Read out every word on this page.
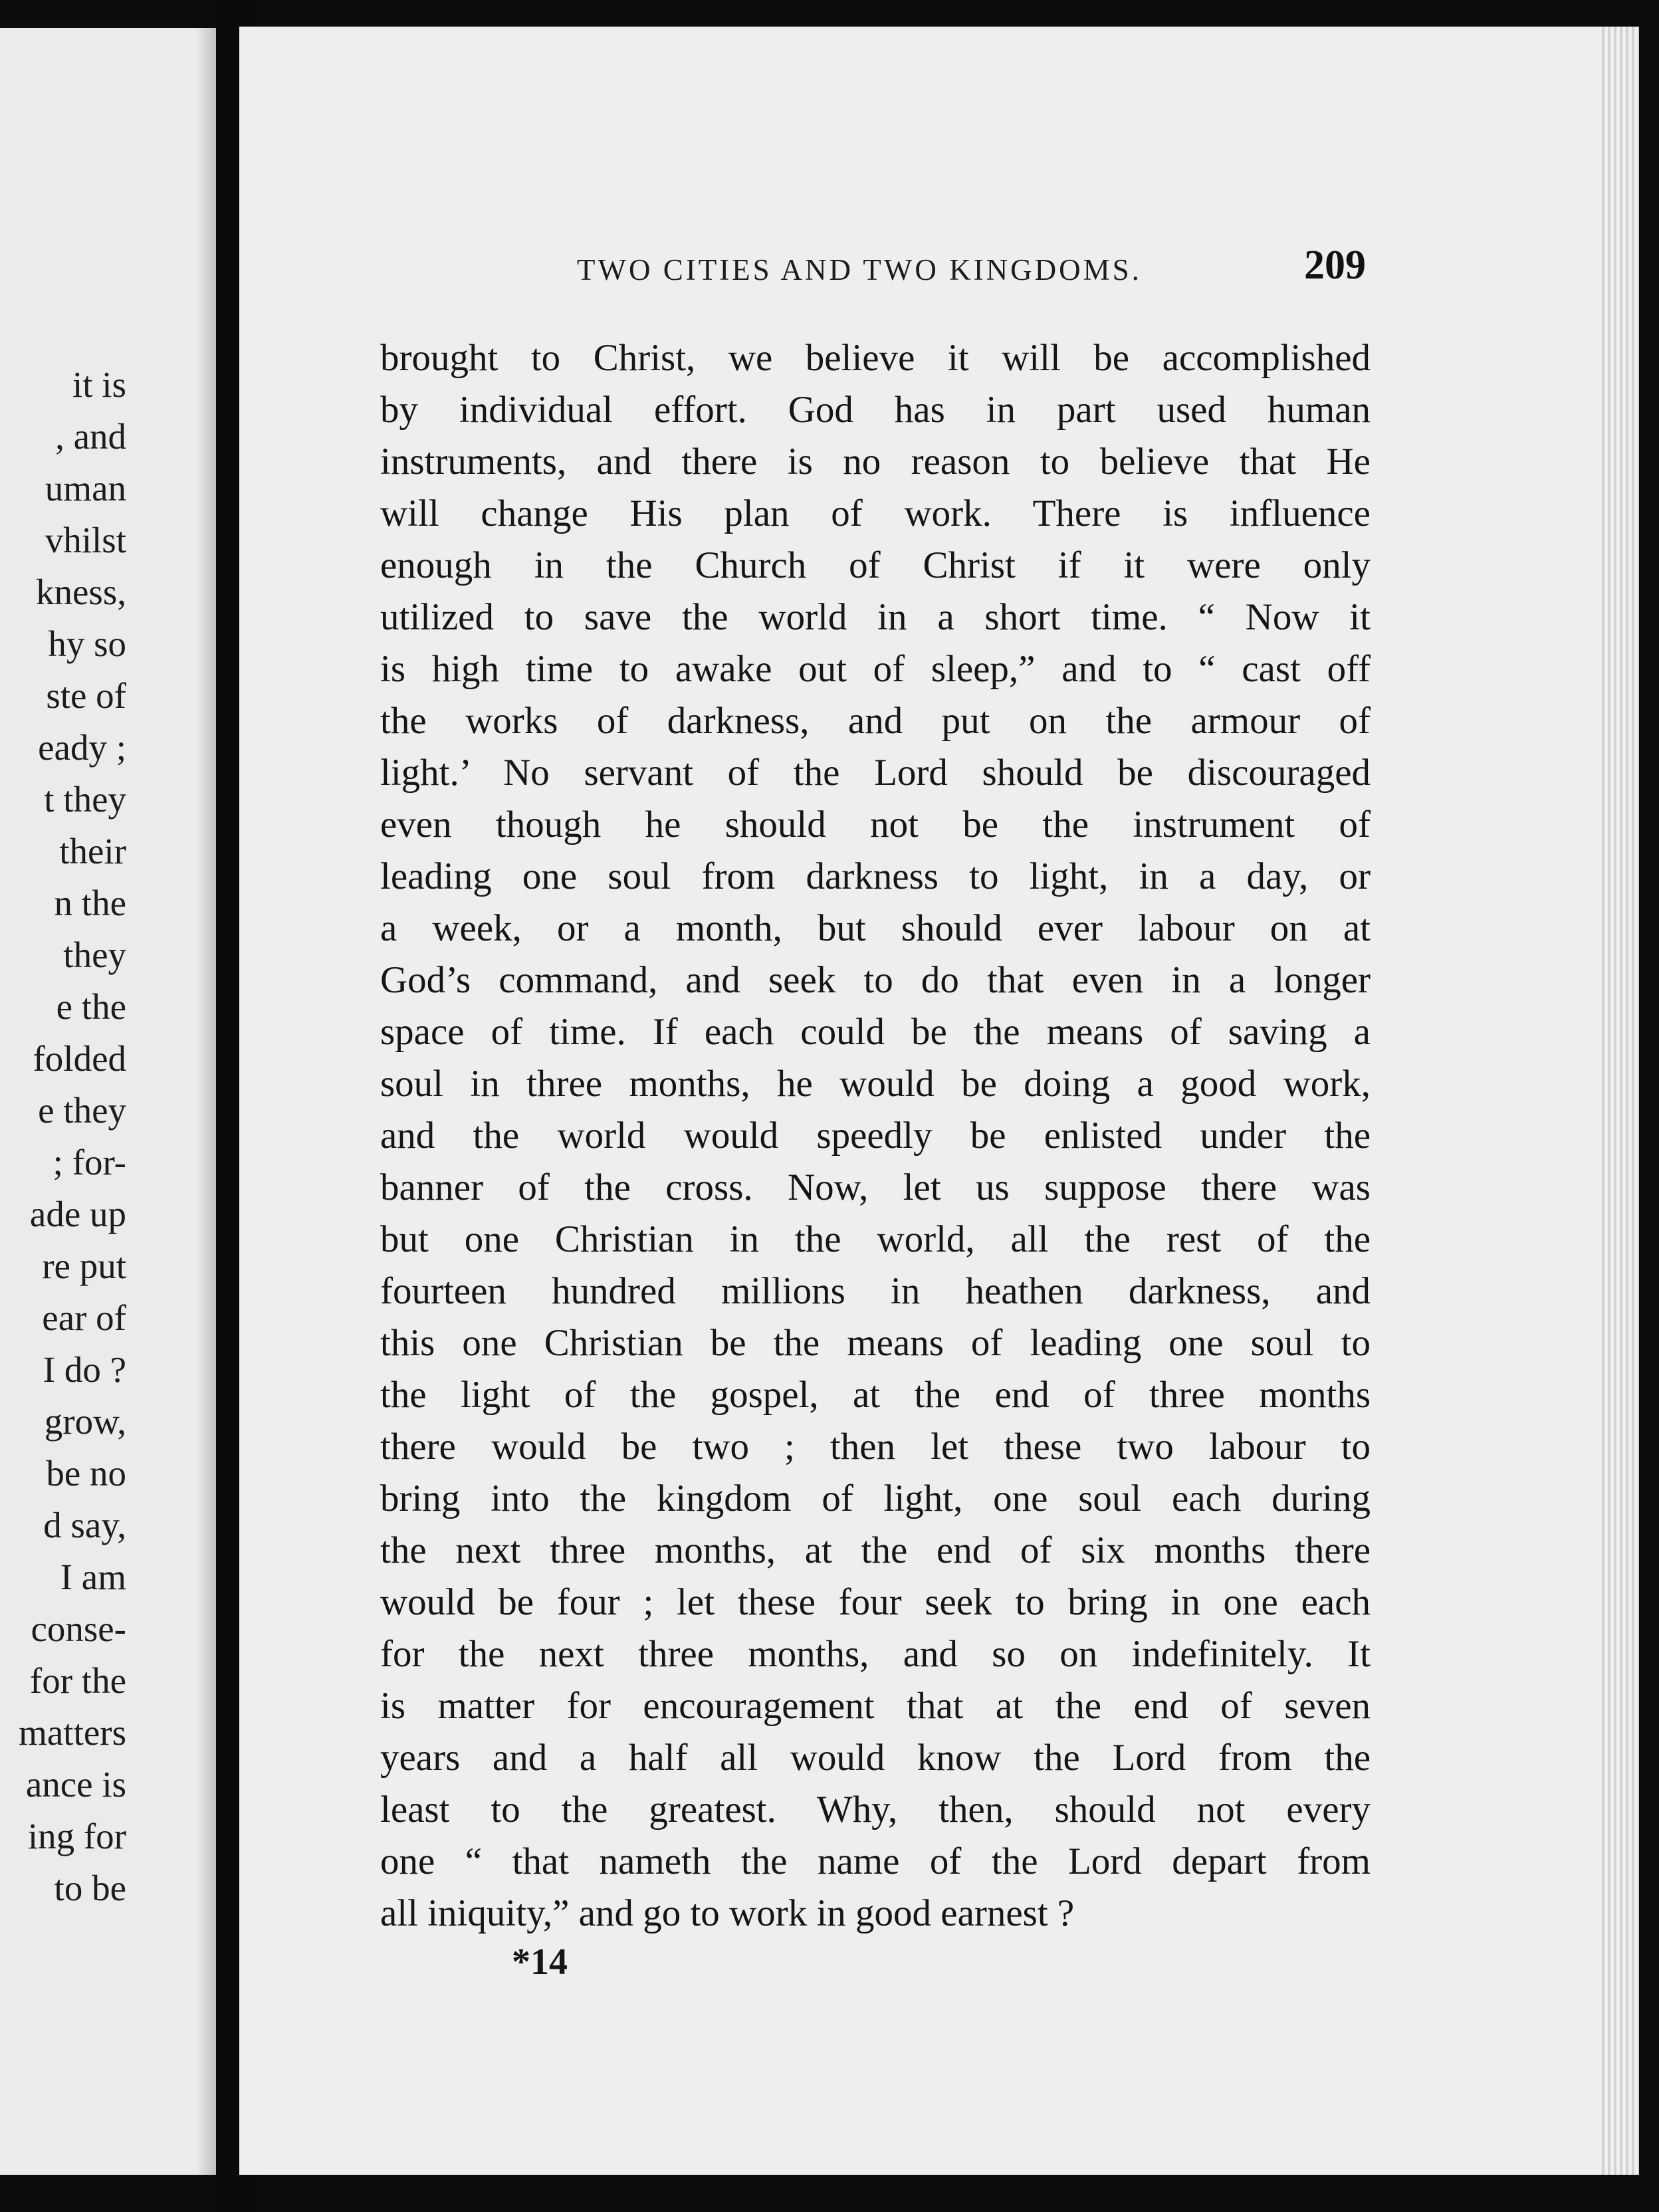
it is
, and
uman
vhilst
kness,
hy so
ste of
eady ;
t they
their
n the
they
e the
folded
e they
; for-
ade up
re put
ear of
I do ?
grow,
be no
d say,
I am
conse-
for the
matters
ance is
ing for
to be
TWO CITIES AND TWO KINGDOMS.	209
brought to Christ, we believe it will be accomplished
by individual effort. God has in part used human
instruments, and there is no reason to believe that He
will change His plan of work. There is influence
enough in the Church of Christ if it were only
utilized to save the world in a short time. “ Now it
is high time to awake out of sleep,” and to “ cast off
the works of darkness, and put on the armour of
light.’ No servant of the Lord should be discouraged
even though he should not be the instrument of
leading one soul from darkness to light, in a day, or
a week, or a month, but should ever labour on at
God’s command, and seek to do that even in a longer
space of time. If each could be the means of saving a
soul in three months, he would be doing a good work,
and the world would speedly be enlisted under the
banner of the cross. Now, let us suppose there was
but one Christian in the world, all the rest of the
fourteen hundred millions in heathen darkness, and
this one Christian be the means of leading one soul to
the light of the gospel, at the end of three months
there would be two ; then let these two labour to
bring into the kingdom of light, one soul each during
the next three months, at the end of six months there
would be four ; let these four seek to bring in one each
for the next three months, and so on indefinitely. It
is matter for encouragement that at the end of seven
years and a half all would know the Lord from the
least to the greatest. Why, then, should not every
one “ that nameth the name of the Lord depart from
all iniquity,” and go to work in good earnest ?
*14
